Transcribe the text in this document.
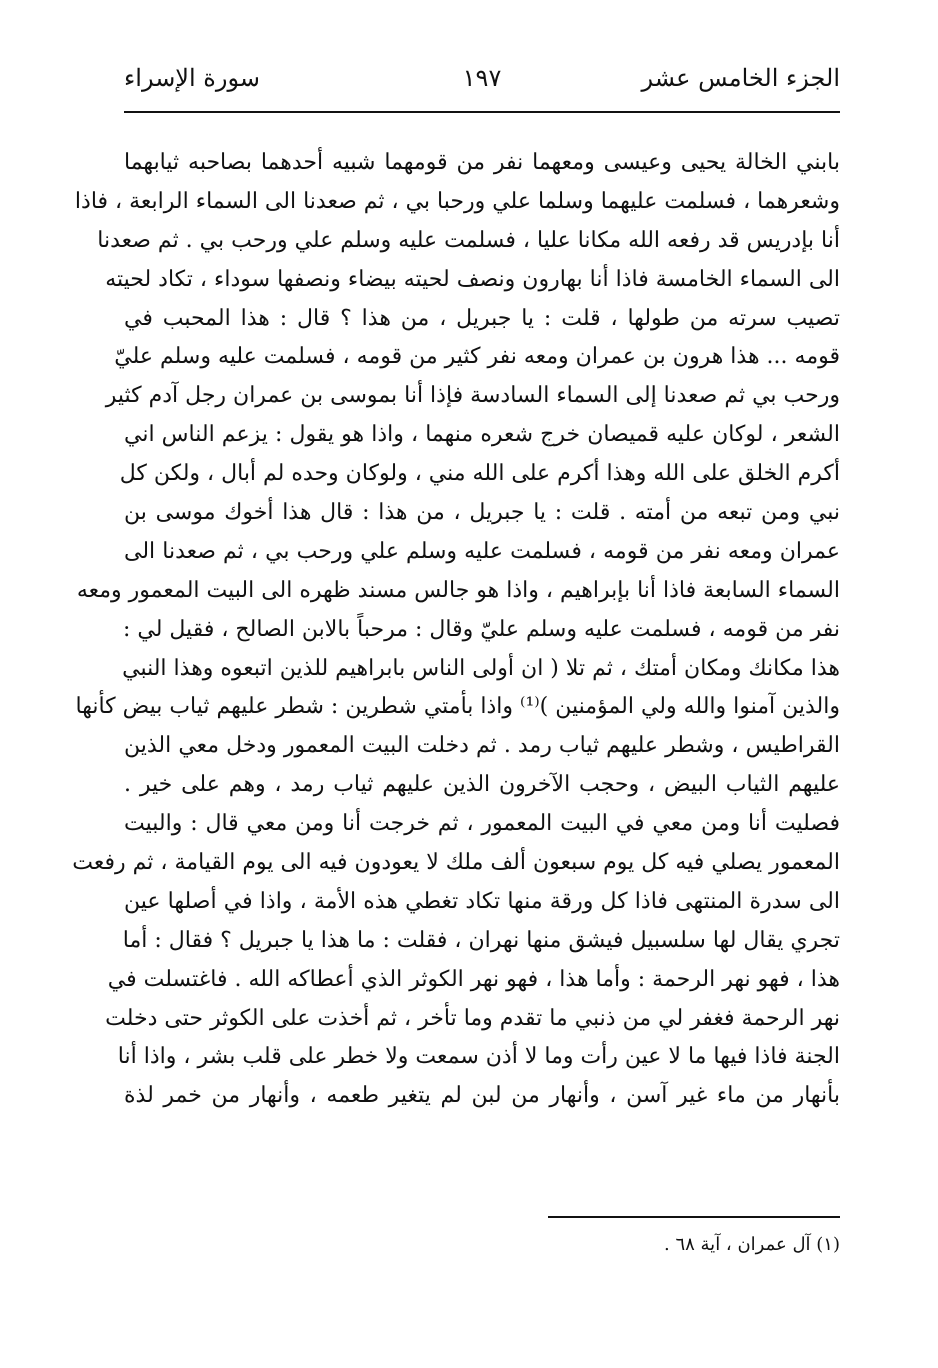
الجزء الخامس عشر
١٩٧
سورة الإسراء
بابني الخالة يحيى وعيسى ومعهما نفر من قومهما شبيه أحدهما بصاحبه ثيابهما
وشعرهما ، فسلمت عليهما وسلما علي ورحبا بي ، ثم صعدنا الى السماء الرابعة ، فاذا
أنا بإدريس قد رفعه الله مكانا عليا ، فسلمت عليه وسلم علي ورحب بي . ثم صعدنا
الى السماء الخامسة فاذا أنا بهارون ونصف لحيته بيضاء ونصفها سوداء ، تكاد لحيته
تصيب سرته من طولها ، قلت : يا جبريل ، من هذا ؟ قال : هذا المحبب في
قومه ... هذا هرون بن عمران ومعه نفر كثير من قومه ، فسلمت عليه وسلم عليّ
ورحب بي ثم صعدنا إلى السماء السادسة فإذا أنا بموسى بن عمران رجل آدم كثير
الشعر ، لوكان عليه قميصان خرج شعره منهما ، واذا هو يقول : يزعم الناس اني
أكرم الخلق على الله وهذا أكرم على الله مني ، ولوكان وحده لم أبال ، ولكن كل
نبي ومن تبعه من أمته . قلت : يا جبريل ، من هذا : قال هذا أخوك موسى بن
عمران ومعه نفر من قومه ، فسلمت عليه وسلم علي ورحب بي ، ثم صعدنا الى
السماء السابعة فاذا أنا بإبراهيم ، واذا هو جالس مسند ظهره الى البيت المعمور ومعه
نفر من قومه ، فسلمت عليه وسلم عليّ وقال : مرحباً بالابن الصالح ، فقيل لي :
هذا مكانك ومكان أمتك ، ثم تلا ( ان أولى الناس بابراهيم للذين اتبعوه وهذا النبي
والذين آمنوا والله ولي المؤمنين )⁽¹⁾ واذا بأمتي شطرين : شطر عليهم ثياب بيض كأنها
القراطيس ، وشطر عليهم ثياب رمد . ثم دخلت البيت المعمور ودخل معي الذين
عليهم الثياب البيض ، وحجب الآخرون الذين عليهم ثياب رمد ، وهم على خير .
فصليت أنا ومن معي في البيت المعمور ، ثم خرجت أنا ومن معي قال : والبيت
المعمور يصلي فيه كل يوم سبعون ألف ملك لا يعودون فيه الى يوم القيامة ، ثم رفعت
الى سدرة المنتهى فاذا كل ورقة منها تكاد تغطي هذه الأمة ، واذا في أصلها عين
تجري يقال لها سلسبيل فيشق منها نهران ، فقلت : ما هذا يا جبريل ؟ فقال : أما
هذا ، فهو نهر الرحمة : وأما هذا ، فهو نهر الكوثر الذي أعطاكه الله . فاغتسلت في
نهر الرحمة فغفر لي من ذنبي ما تقدم وما تأخر ، ثم أخذت على الكوثر حتى دخلت
الجنة فاذا فيها ما لا عين رأت وما لا أذن سمعت ولا خطر على قلب بشر ، واذا أنا
بأنهار من ماء غير آسن ، وأنهار من لبن لم يتغير طعمه ، وأنهار من خمر لذة
(١) آل عمران ، آية ٦٨ .
